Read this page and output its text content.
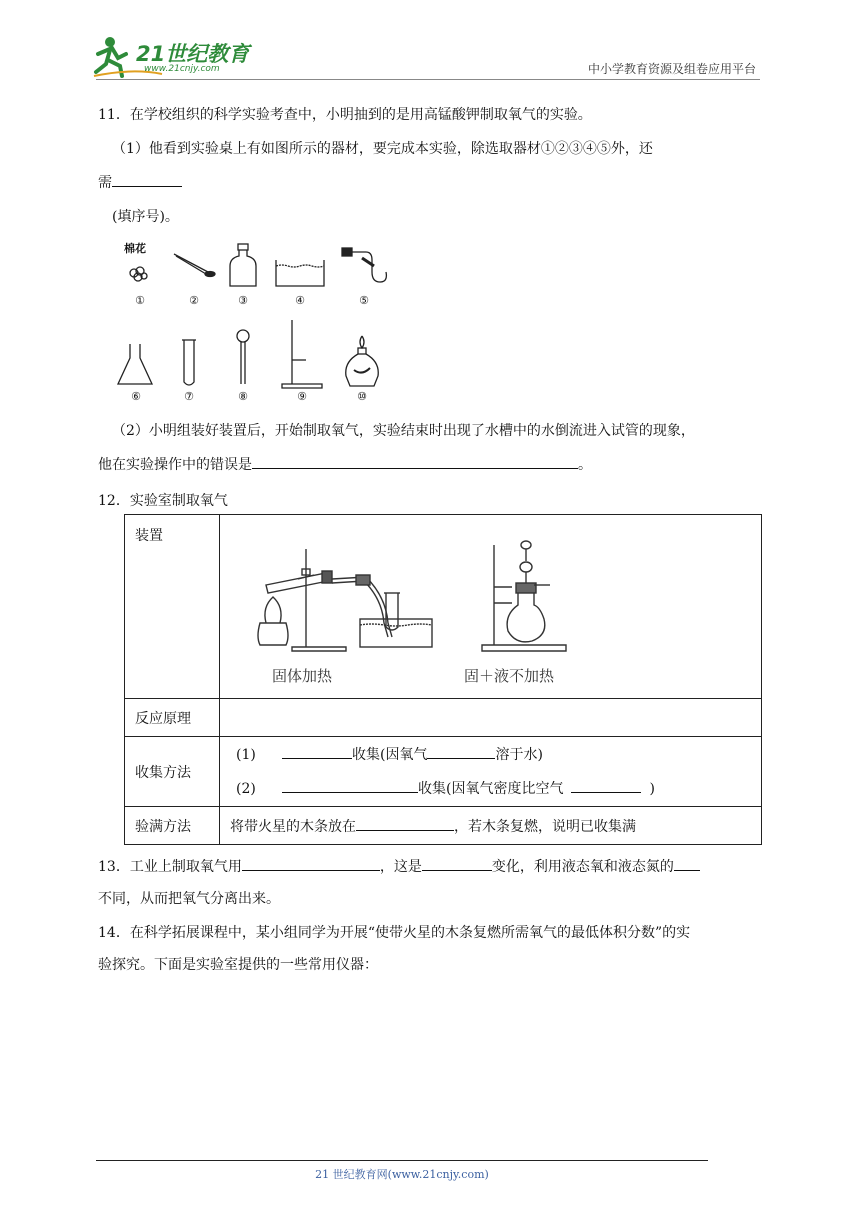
21世纪教育
www.21cnjy.com	中小学教育资源及组卷应用平台
11．在学校组织的科学实验考查中，小明抽到的是用高锰酸钾制取氧气的实验。
（1）他看到实验桌上有如图所示的器材，要完成本实验，除选取器材①②③④⑤外，还
需
(填序号)。
棉花
①	②	③	④	⑤
⑥	⑦	⑧	⑨	⑩
（2）小明组装好装置后，开始制取氧气，实验结束时出现了水槽中的水倒流进入试管的现象，
他在实验操作中的错误是	。
12．实验室制取氧气
装置	固体加热 固＋液不加热

反应原理	
收集方法	(1) 收集(因氧气 溶于水)
(2) 收集(因氧气密度比空气 )

验满方法	将带火星的木条放在 ，若木条复燃，说明已收集满
13．工业上制取氧气用	，这是	变化，利用液态氧和液态氮的
不同，从而把氧气分离出来。
14．在科学拓展课程中，某小组同学为开展“使带火星的木条复燃所需氧气的最低体积分数”的实
验探究。下面是实验室提供的一些常用仪器：
21 世纪教育网(www.21cnjy.com)
